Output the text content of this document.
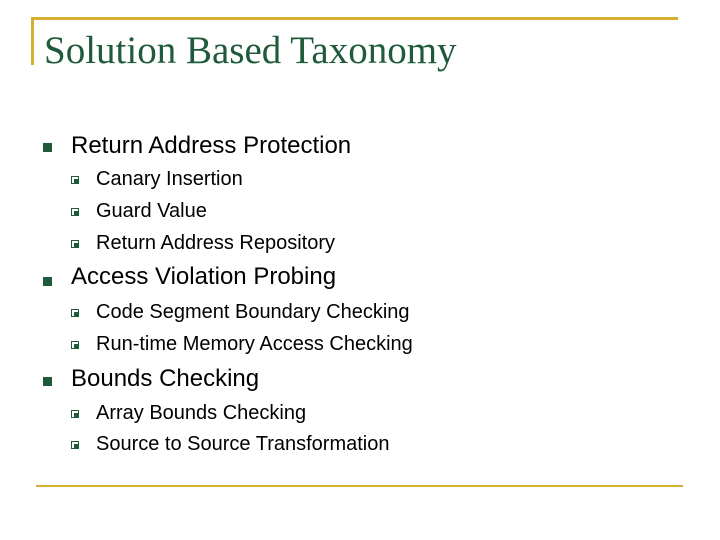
Solution Based Taxonomy
Return Address Protection
Canary Insertion
Guard Value
Return Address Repository
Access Violation Probing
Code Segment Boundary Checking
Run-time Memory Access Checking
Bounds Checking
Array Bounds Checking
Source to Source Transformation
